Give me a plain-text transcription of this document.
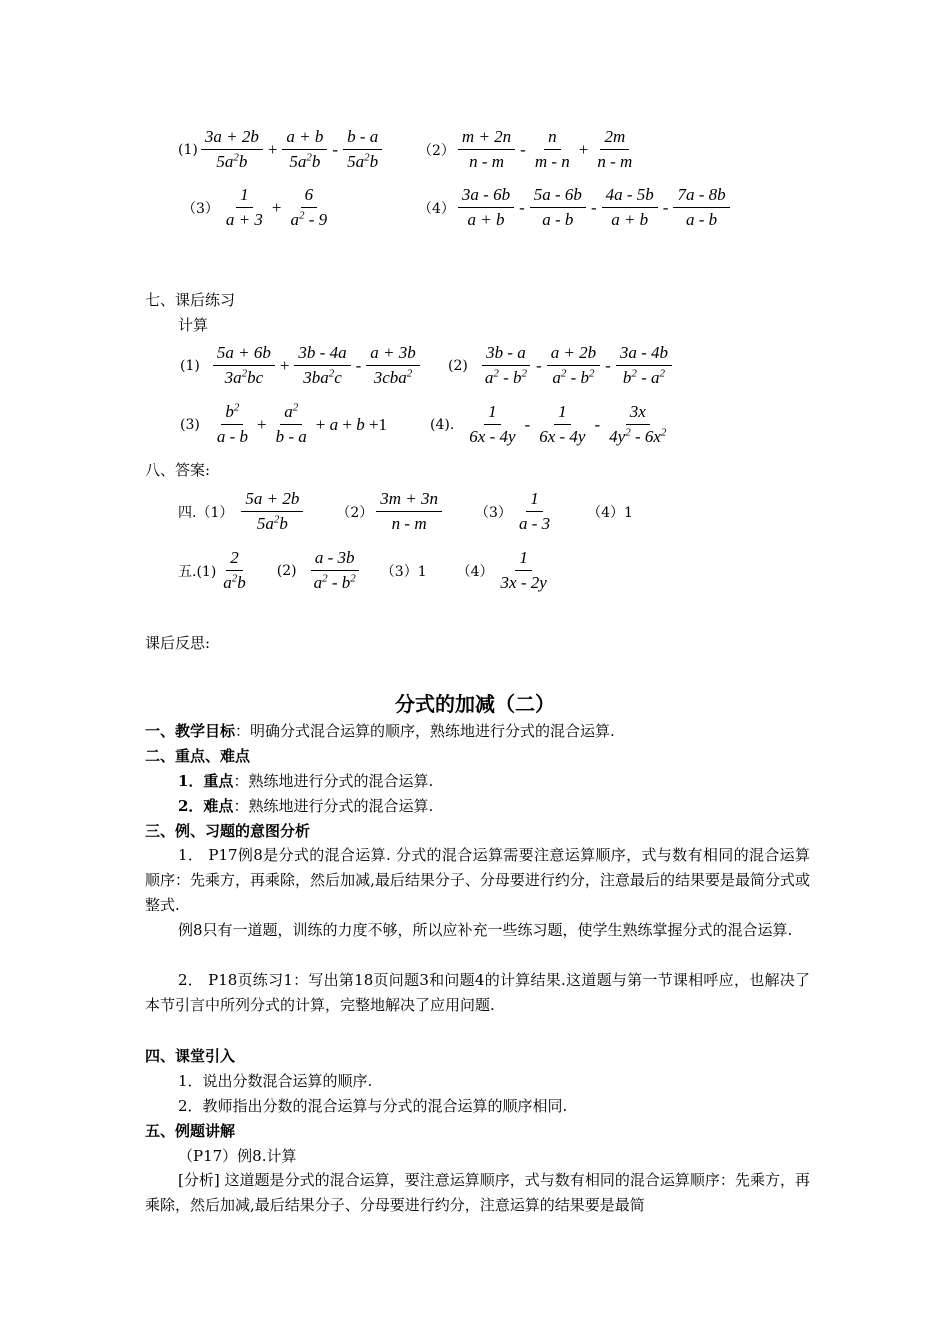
$(1) \frac{3a + 2b}{5a^2b} + \frac{a + b}{5a^2b} - \frac{b - a}{5a^2b}$	$(2) \frac{m + 2n}{n - m} - \frac{n}{m - n} + \frac{2m}{n - m}$
$(3) \frac{1}{a + 3} + \frac{6}{a^2 - 9}$	$(4) \frac{3a - 6b}{a + b} - \frac{5a - 6b}{a - b} - \frac{4a - 5b}{a + b} - \frac{7a - 8b}{a - b}$
七、课后练习
计算
$(1) \frac{5a + 6b}{3a^2bc} + \frac{3b - 4a}{3ba^2c} - \frac{a + 3b}{3cba^2} (2) \frac{3b - a}{a^2 - b^2} - \frac{a + 2b}{a^2 - b^2} - \frac{3a - 4b}{b^2 - a^2}$
$(3) \frac{b^2}{a - b} + \frac{a^2}{b - a} + a + b +1$	(4). $\frac{1}{6x - 4y} - \frac{1}{6x - 4y} - \frac{3x}{4y^2 - 6x^2}$
八、答案:
四$.(1) \frac{5a + 2b}{5a^2b} (2) \frac{3m + 3n}{n - m} (3) \frac{1}{a - 3} (4)1$
五$.(1) \frac{2}{a^2b} (2) \frac{a - 3b}{a^2 - b^2} (3)1$ $(4) \frac{1}{3x - 2y}$
课后反思:
分式的加减（二）
一、教学目标：明确分式混合运算的顺序，熟练地进行分式的混合运算.
二、重点、难点
1．重点：熟练地进行分式的混合运算.
2．难点：熟练地进行分式的混合运算.
三、例、习题的意图分析
1． P17例8是分式的混合运算. 分式的混合运算需要注意运算顺序，式与数有相同的混合运算顺序：先乘方，再乘除，然后加减,最后结果分子、分母要进行约分，注意最后的结果要是最简分式或整式.
例8只有一道题，训练的力度不够，所以应补充一些练习题，使学生熟练掌握分式的混合运算.
2． P18页练习1：写出第18页问题3和问题4的计算结果.这道题与第一节课相呼应，也解决了本节引言中所列分式的计算，完整地解决了应用问题.
四、课堂引入
1．说出分数混合运算的顺序.
2．教师指出分数的混合运算与分式的混合运算的顺序相同.
五、例题讲解
（P17）例8.计算
[分析] 这道题是分式的混合运算，要注意运算顺序，式与数有相同的混合运算顺序：先乘方，再乘除，然后加减,最后结果分子、分母要进行约分，注意运算的结果要是最简
